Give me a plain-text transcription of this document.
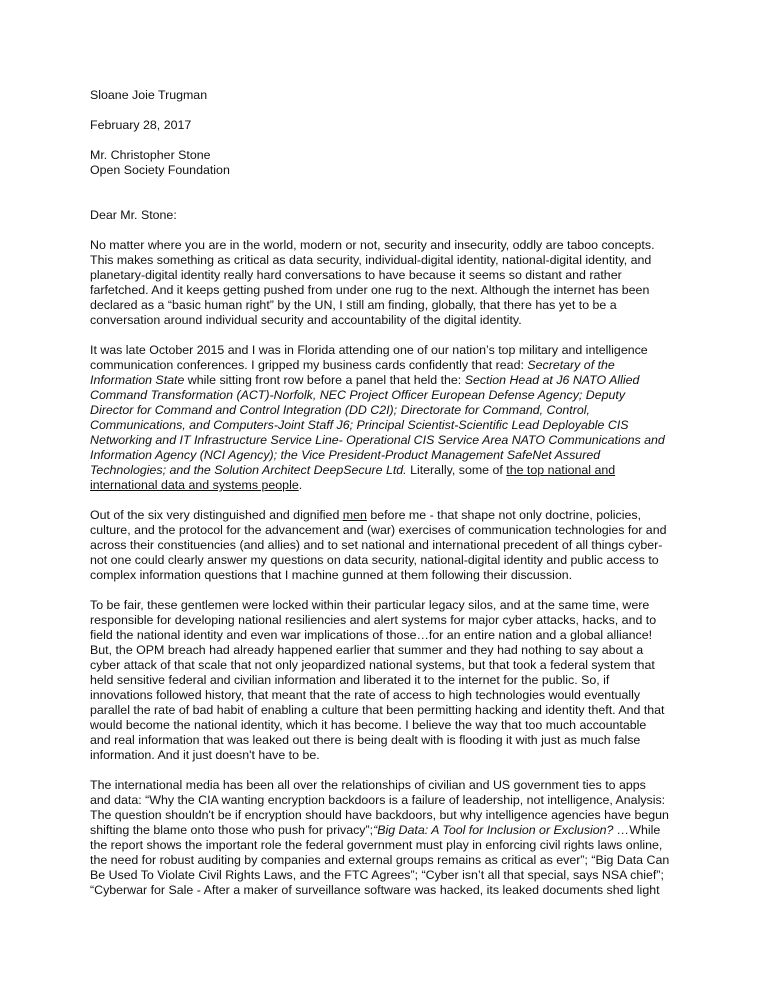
Sloane Joie Trugman
February 28, 2017
Mr. Christopher Stone
Open Society Foundation
Dear Mr. Stone:
No matter where you are in the world, modern or not, security and insecurity, oddly are taboo concepts.
This makes something as critical as data security, individual-digital identity, national-digital identity, and
planetary-digital identity really hard conversations to have because it seems so distant and rather
farfetched. And it keeps getting pushed from under one rug to the next. Although the internet has been
declared as a “basic human right” by the UN, I still am finding, globally, that there has yet to be a
conversation around individual security and accountability of the digital identity.
It was late October 2015 and I was in Florida attending one of our nation’s top military and intelligence
communication conferences. I gripped my business cards confidently that read: Secretary of the
Information State while sitting front row before a panel that held the: Section Head at J6 NATO Allied
Command Transformation (ACT)-Norfolk, NEC Project Officer European Defense Agency; Deputy
Director for Command and Control Integration (DD C2I); Directorate for Command, Control,
Communications, and Computers-Joint Staff J6; Principal Scientist-Scientific Lead Deployable CIS
Networking and IT Infrastructure Service Line- Operational CIS Service Area NATO Communications and
Information Agency (NCI Agency); the Vice President-Product Management SafeNet Assured
Technologies; and the Solution Architect DeepSecure Ltd. Literally, some of the top national and
international data and systems people.
Out of the six very distinguished and dignified men before me - that shape not only doctrine, policies,
culture, and the protocol for the advancement and (war) exercises of communication technologies for and
across their constituencies (and allies) and to set national and international precedent of all things cyber-
not one could clearly answer my questions on data security, national-digital identity and public access to
complex information questions that I machine gunned at them following their discussion.
To be fair, these gentlemen were locked within their particular legacy silos, and at the same time, were
responsible for developing national resiliencies and alert systems for major cyber attacks, hacks, and to
field the national identity and even war implications of those…for an entire nation and a global alliance!
But, the OPM breach had already happened earlier that summer and they had nothing to say about a
cyber attack of that scale that not only jeopardized national systems, but that took a federal system that
held sensitive federal and civilian information and liberated it to the internet for the public. So, if
innovations followed history, that meant that the rate of access to high technologies would eventually
parallel the rate of bad habit of enabling a culture that been permitting hacking and identity theft. And that
would become the national identity, which it has become. I believe the way that too much accountable
and real information that was leaked out there is being dealt with is flooding it with just as much false
information. And it just doesn't have to be.
The international media has been all over the relationships of civilian and US government ties to apps
and data: “Why the CIA wanting encryption backdoors is a failure of leadership, not intelligence, Analysis:
The question shouldn't be if encryption should have backdoors, but why intelligence agencies have begun
shifting the blame onto those who push for privacy”;“Big Data: A Tool for Inclusion or Exclusion? …While
the report shows the important role the federal government must play in enforcing civil rights laws online,
the need for robust auditing by companies and external groups remains as critical as ever”; “Big Data Can
Be Used To Violate Civil Rights Laws, and the FTC Agrees”; “Cyber isn’t all that special, says NSA chief”;
“Cyberwar for Sale - After a maker of surveillance software was hacked, its leaked documents shed light
